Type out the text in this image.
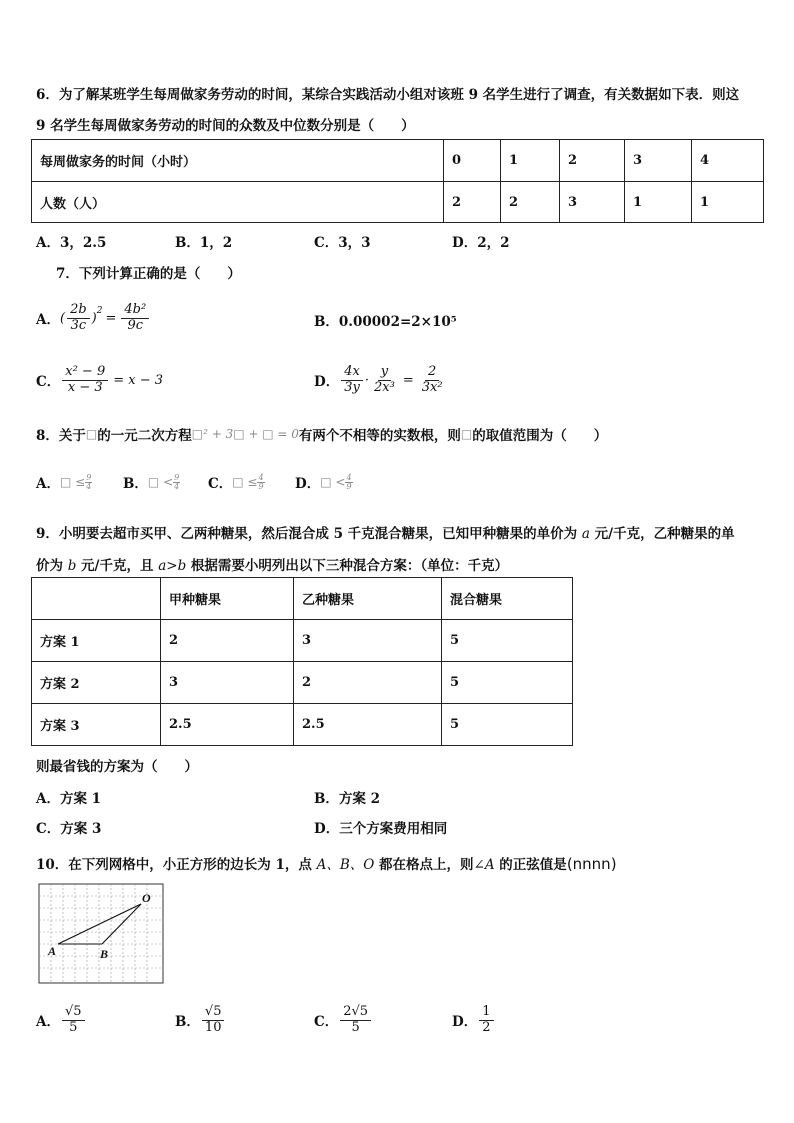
6．为了解某班学生每周做家务劳动的时间，某综合实践活动小组对该班 9 名学生进行了调查，有关数据如下表．则这
9 名学生每周做家务劳动的时间的众数及中位数分别是（　　）
每周做家务的时间（小时）	0	1	2	3	4
人数（人）	2	2	3	1	1
A．3，2.5	B．1，2	C．3，3	D．2，2
7．下列计算正确的是（　　）
A． ( $\frac{2b}{3c} )^2 = \frac{\text{4b²}}{9c}$	B．0.00002=2×10⁵
C． $\frac{\text{x² − 9}}{x - 3} = x - 3$	D． $\frac{4x}{3y} \cdot \frac{y}{\text{2x³}} = \frac{2}{\text{3x²}}$
8．关于 □ 的一元二次方程 □² + 3□ + □ = 0 有两个不相等的实数根，则 □ 的取值范围为（　　）
A． □ ≤ $\frac{9}{4}$ B． □ < $\frac{9}{4}$ C． □ ≤ $\frac{4}{9}$ D． □ < $\frac{4}{9}$
9．小明要去超市买甲、乙两种糖果，然后混合成 5 千克混合糖果，已知甲种糖果的单价为 a 元/千克，乙种糖果的单
价为 b 元/千克，且 a>b 根据需要小明列出以下三种混合方案：（单位：千克）
	甲种糖果	乙种糖果	混合糖果
方案 1	2	3	5
方案 2	3	2	5
方案 3	2.5	2.5	5
则最省钱的方案为（　　）
A．方案 1	B．方案 2
C．方案 3	D．三个方案费用相同
10．在下列网格中，小正方形的边长为 1，点 A、B、O 都在格点上，则∠A 的正弦值是(nnnn)
O
A	B
A． $\frac{√5}{5}$	B． $\frac{√5}{10}$	C． $\frac{2√5}{5}$	D． $\frac{1}{2}$
